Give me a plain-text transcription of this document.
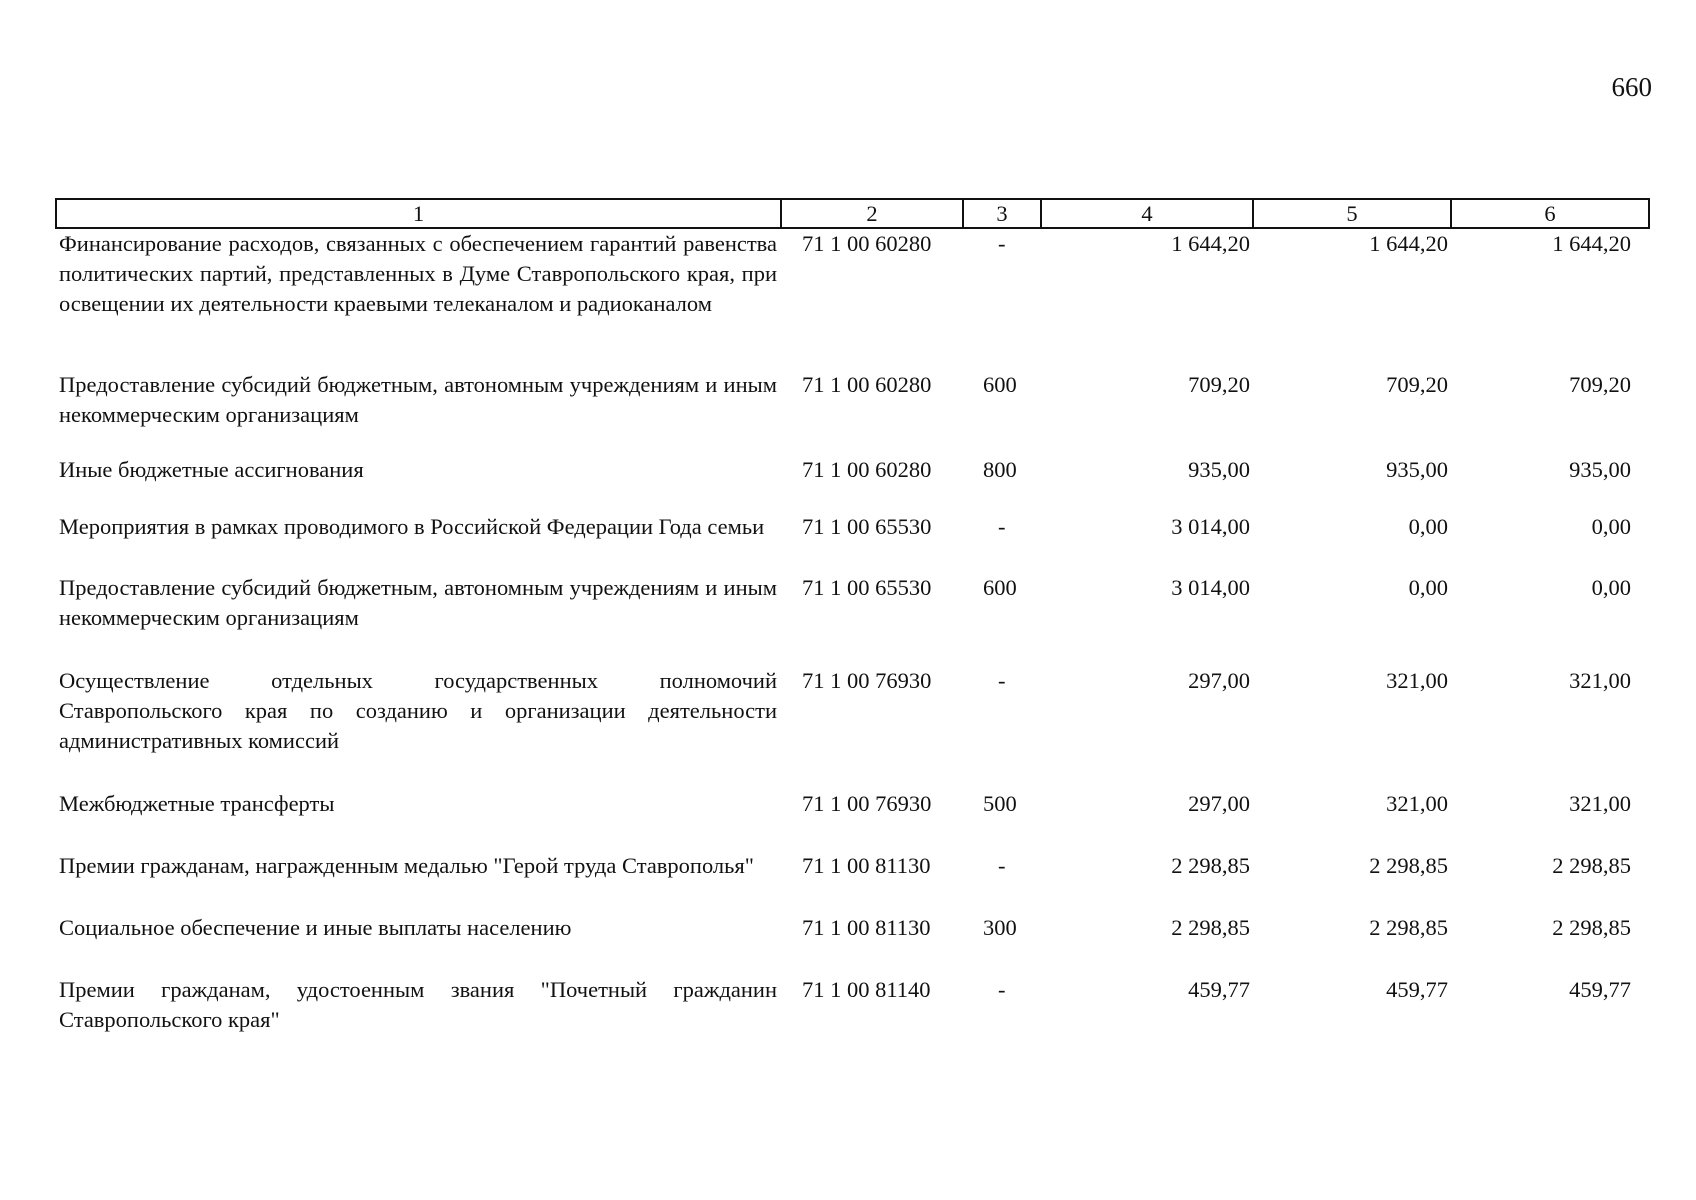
660
1	2	3	4	5	6
Финансирование расходов, связанных с обеспечением гарантий равенства политических партий, представленных в Думе Ставропольского края, при освещении их деятельности краевыми телеканалом и радиоканалом	71 1 00 60280	-	1 644,20	1 644,20	1 644,20
Предоставление субсидий бюджетным, автономным учреждениям и иным некоммерческим организациям	71 1 00 60280	600	709,20	709,20	709,20
Иные бюджетные ассигнования	71 1 00 60280	800	935,00	935,00	935,00
Мероприятия в рамках проводимого в Российской Федерации Года семьи	71 1 00 65530	-	3 014,00	0,00	0,00
Предоставление субсидий бюджетным, автономным учреждениям и иным некоммерческим организациям	71 1 00 65530	600	3 014,00	0,00	0,00
Осуществление отдельных государственных полномочий Ставропольского края по созданию и организации деятельности административных комиссий	71 1 00 76930	-	297,00	321,00	321,00
Межбюджетные трансферты	71 1 00 76930	500	297,00	321,00	321,00
Премии гражданам, награжденным медалью "Герой труда Ставрополья"	71 1 00 81130	-	2 298,85	2 298,85	2 298,85
Социальное обеспечение и иные выплаты населению	71 1 00 81130	300	2 298,85	2 298,85	2 298,85
Премии гражданам, удостоенным звания "Почетный гражданин Ставропольского края"	71 1 00 81140	-	459,77	459,77	459,77
